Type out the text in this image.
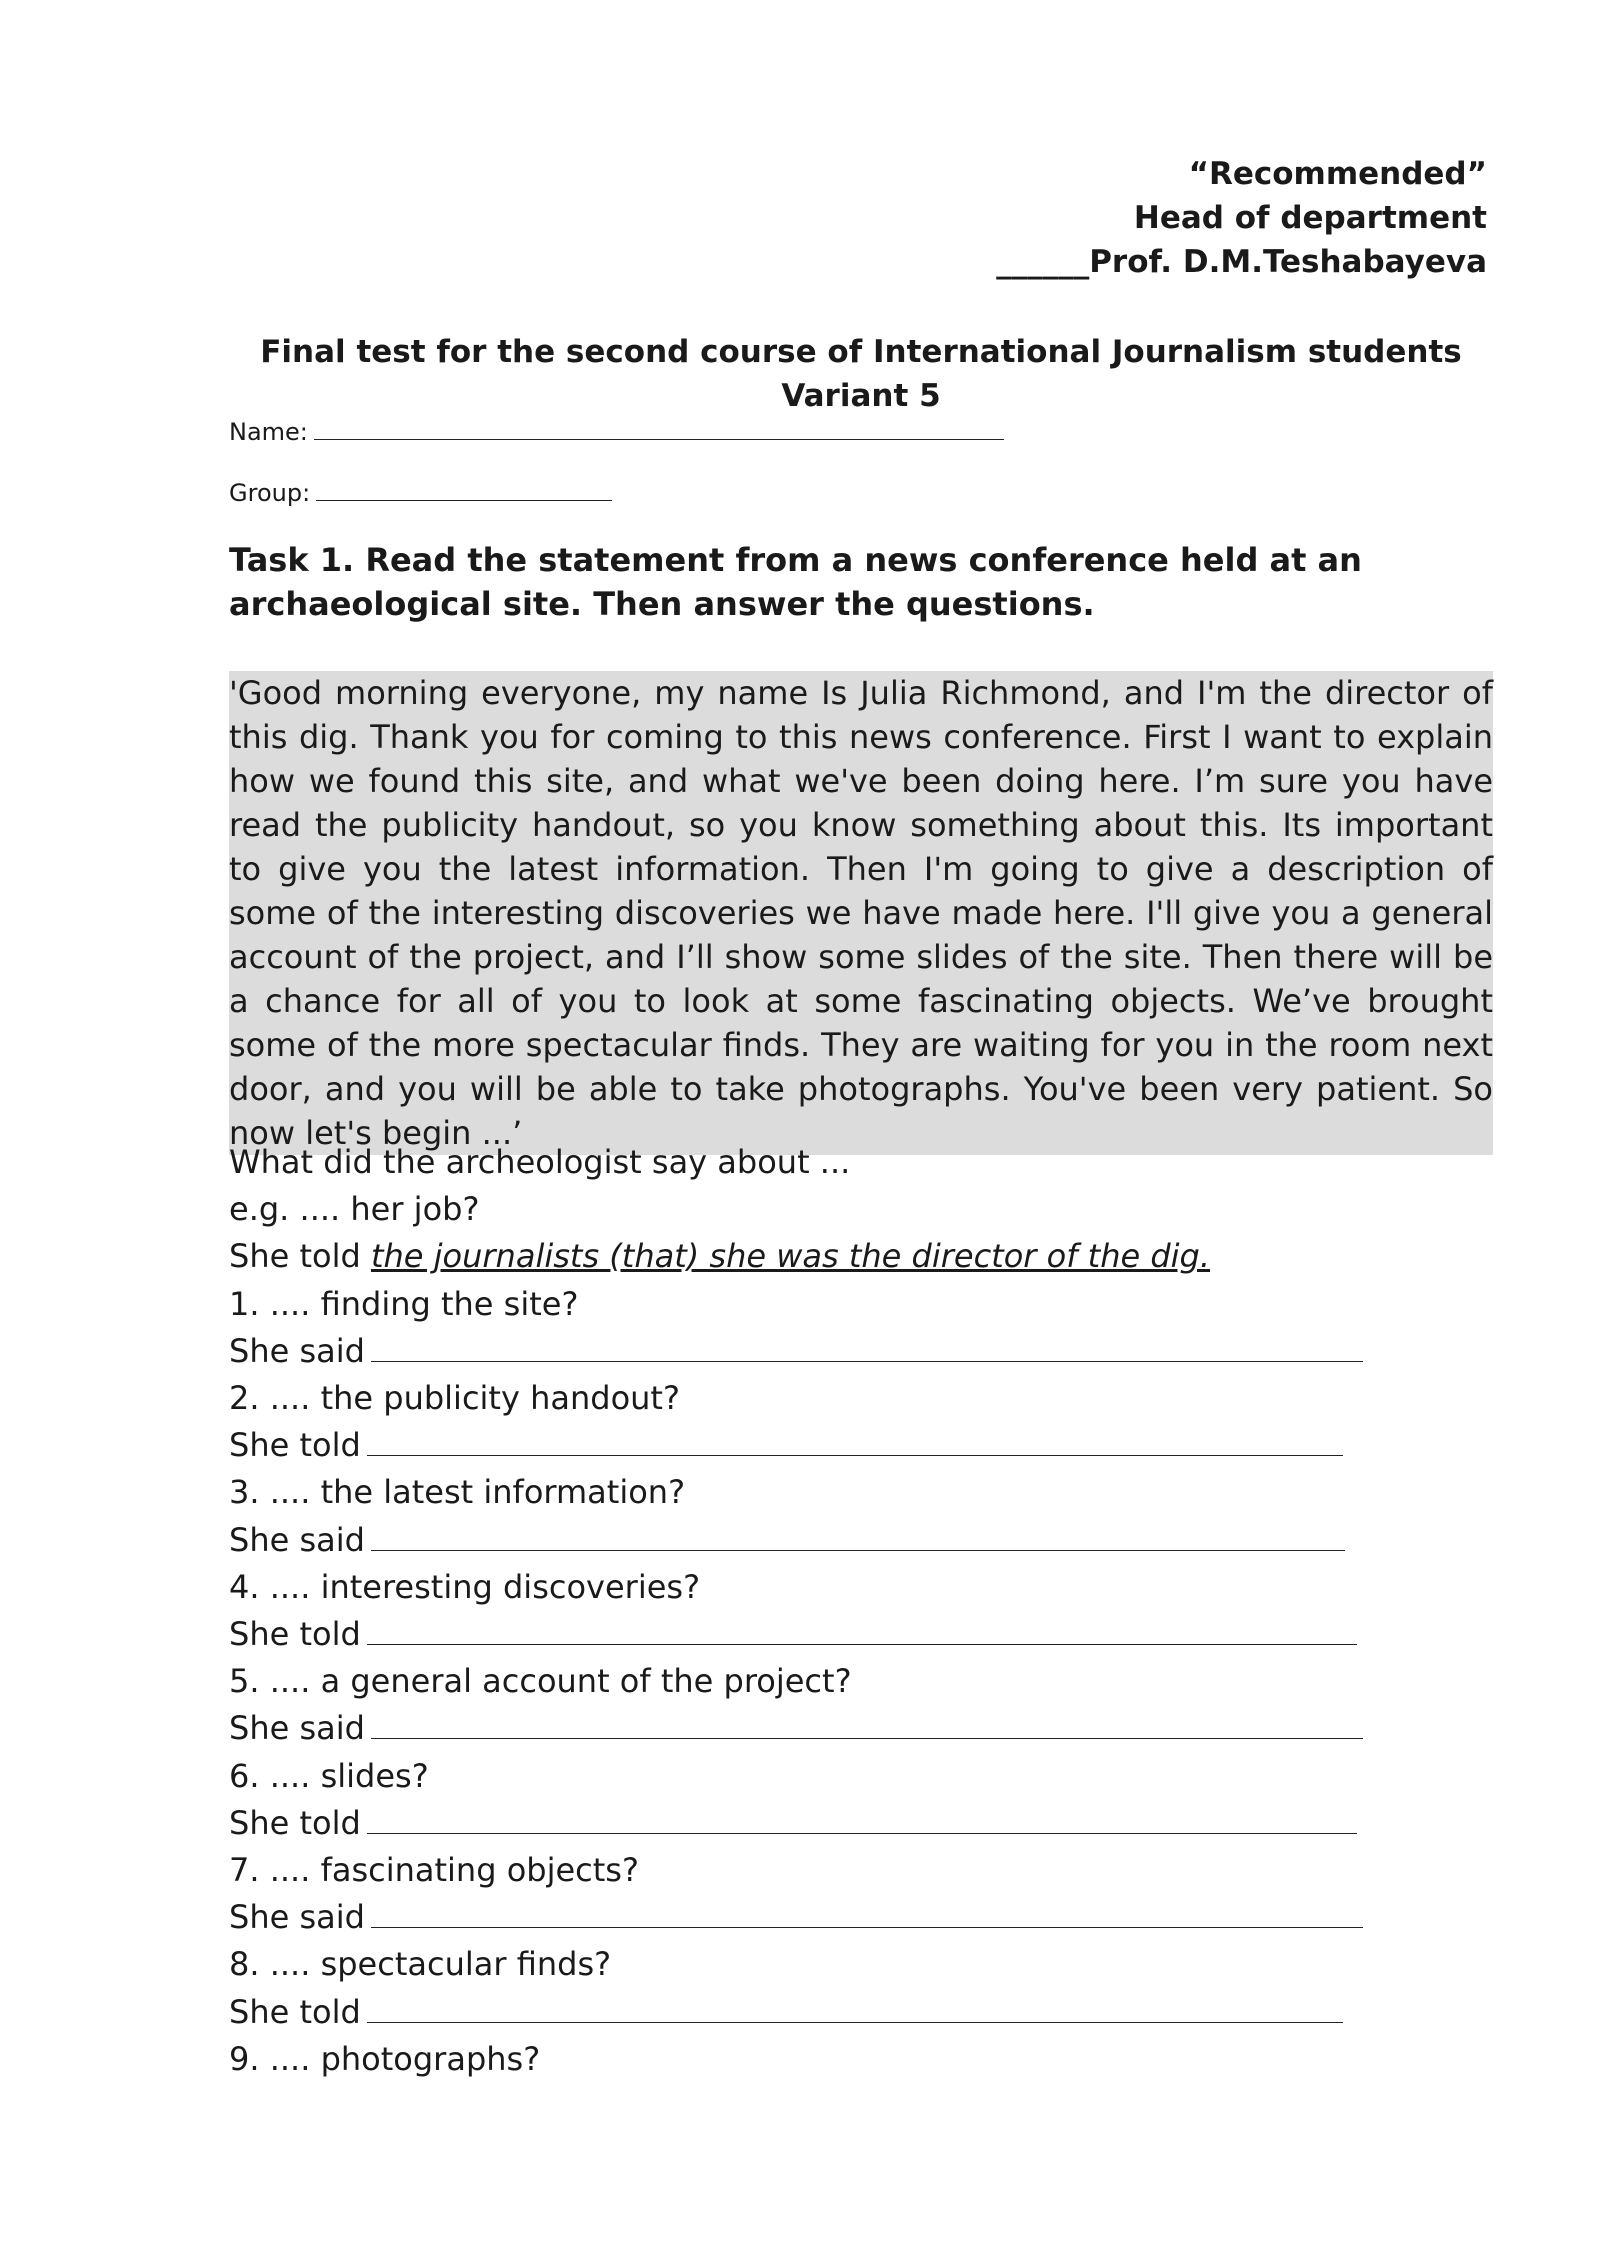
“Recommended”
Head of department
______Prof. D.M.Teshabayeva
Final test for the second course of International Journalism students
Variant 5
Name:
Group:
Task 1. Read the statement from a news conference held at an archaeological site. Then answer the questions.
'Good morning everyone, my name Is Julia Richmond, and I'm the director of this dig. Thank you for coming to this news conference. First I want to explain how we found this site, and what we've been doing here. I’m sure you have read the publicity handout, so you know something about this. Its important to give you the latest information. Then I'm going to give a description of some of the interesting discoveries we have made here. I'll give you a general account of the project, and I’ll show some slides of the site. Then there will be a chance for all of you to look at some fascinating objects. We’ve brought some of the more spectacular finds. They are waiting for you in the room next door, and you will be able to take photographs. You've been very patient. So now let's begin ...’
What did the archeologist say about ...
e.g. .... her job?
She told the journalists (that) she was the director of the dig.
1. .... finding the site?
She said
2. .... the publicity handout?
She told
3. .... the latest information?
She said
4. .... interesting discoveries?
She told
5. .... a general account of the project?
She said
6. .... slides?
She told
7. .... fascinating objects?
She said
8. .... spectacular finds?
She told
9. .... photographs?
